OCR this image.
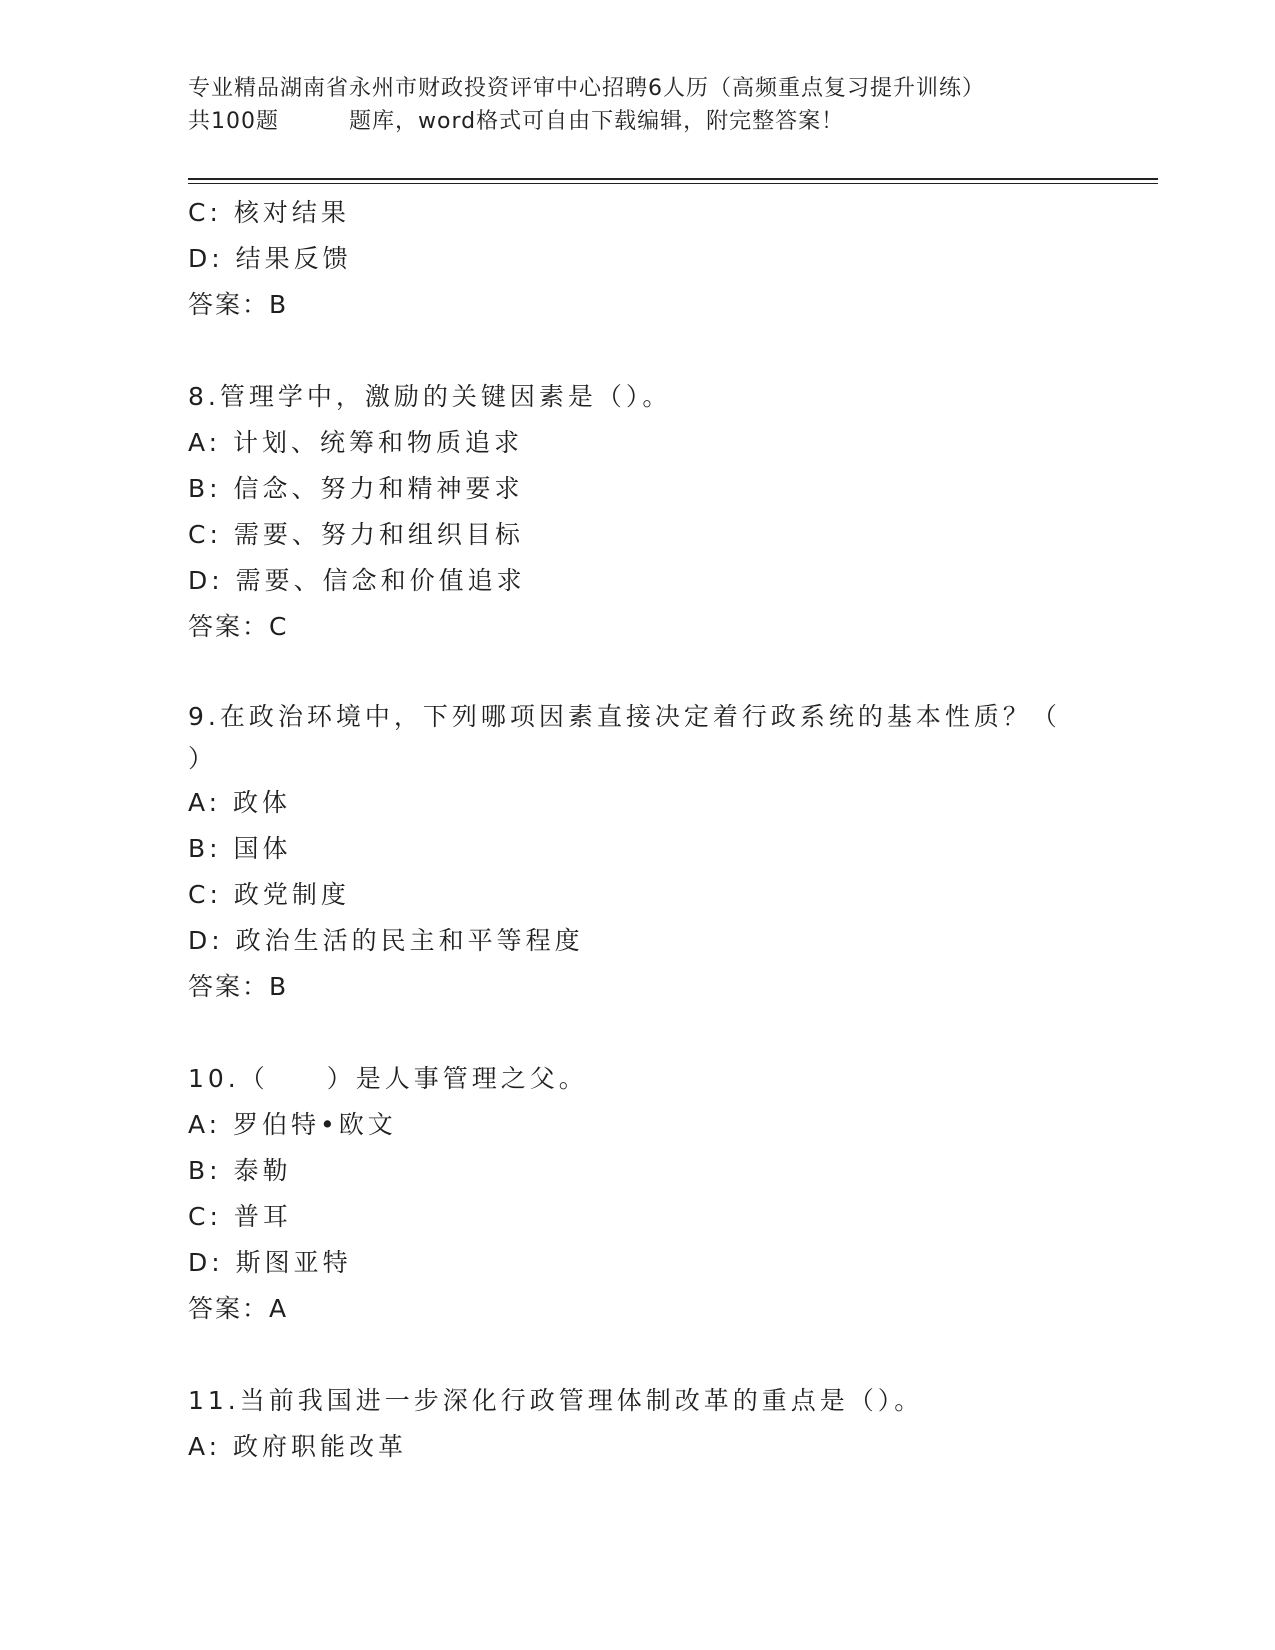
专业精品湖南省永州市财政投资评审中心招聘6人历（高频重点复习提升训练）
共100题	题库，word格式可自由下载编辑，附完整答案！
C: 核对结果
D: 结果反馈
答案：B
8.管理学中，激励的关键因素是（）。
A: 计划、统筹和物质追求
B: 信念、努力和精神要求
C: 需要、努力和组织目标
D: 需要、信念和价值追求
答案：C
9.在政治环境中，下列哪项因素直接决定着行政系统的基本性质？（
）
A: 政体
B: 国体
C: 政党制度
D: 政治生活的民主和平等程度
答案：B
10.（　　）是人事管理之父。
A: 罗伯特•欧文
B: 泰勒
C: 普耳
D: 斯图亚特
答案：A
11.当前我国进一步深化行政管理体制改革的重点是（）。
A: 政府职能改革
